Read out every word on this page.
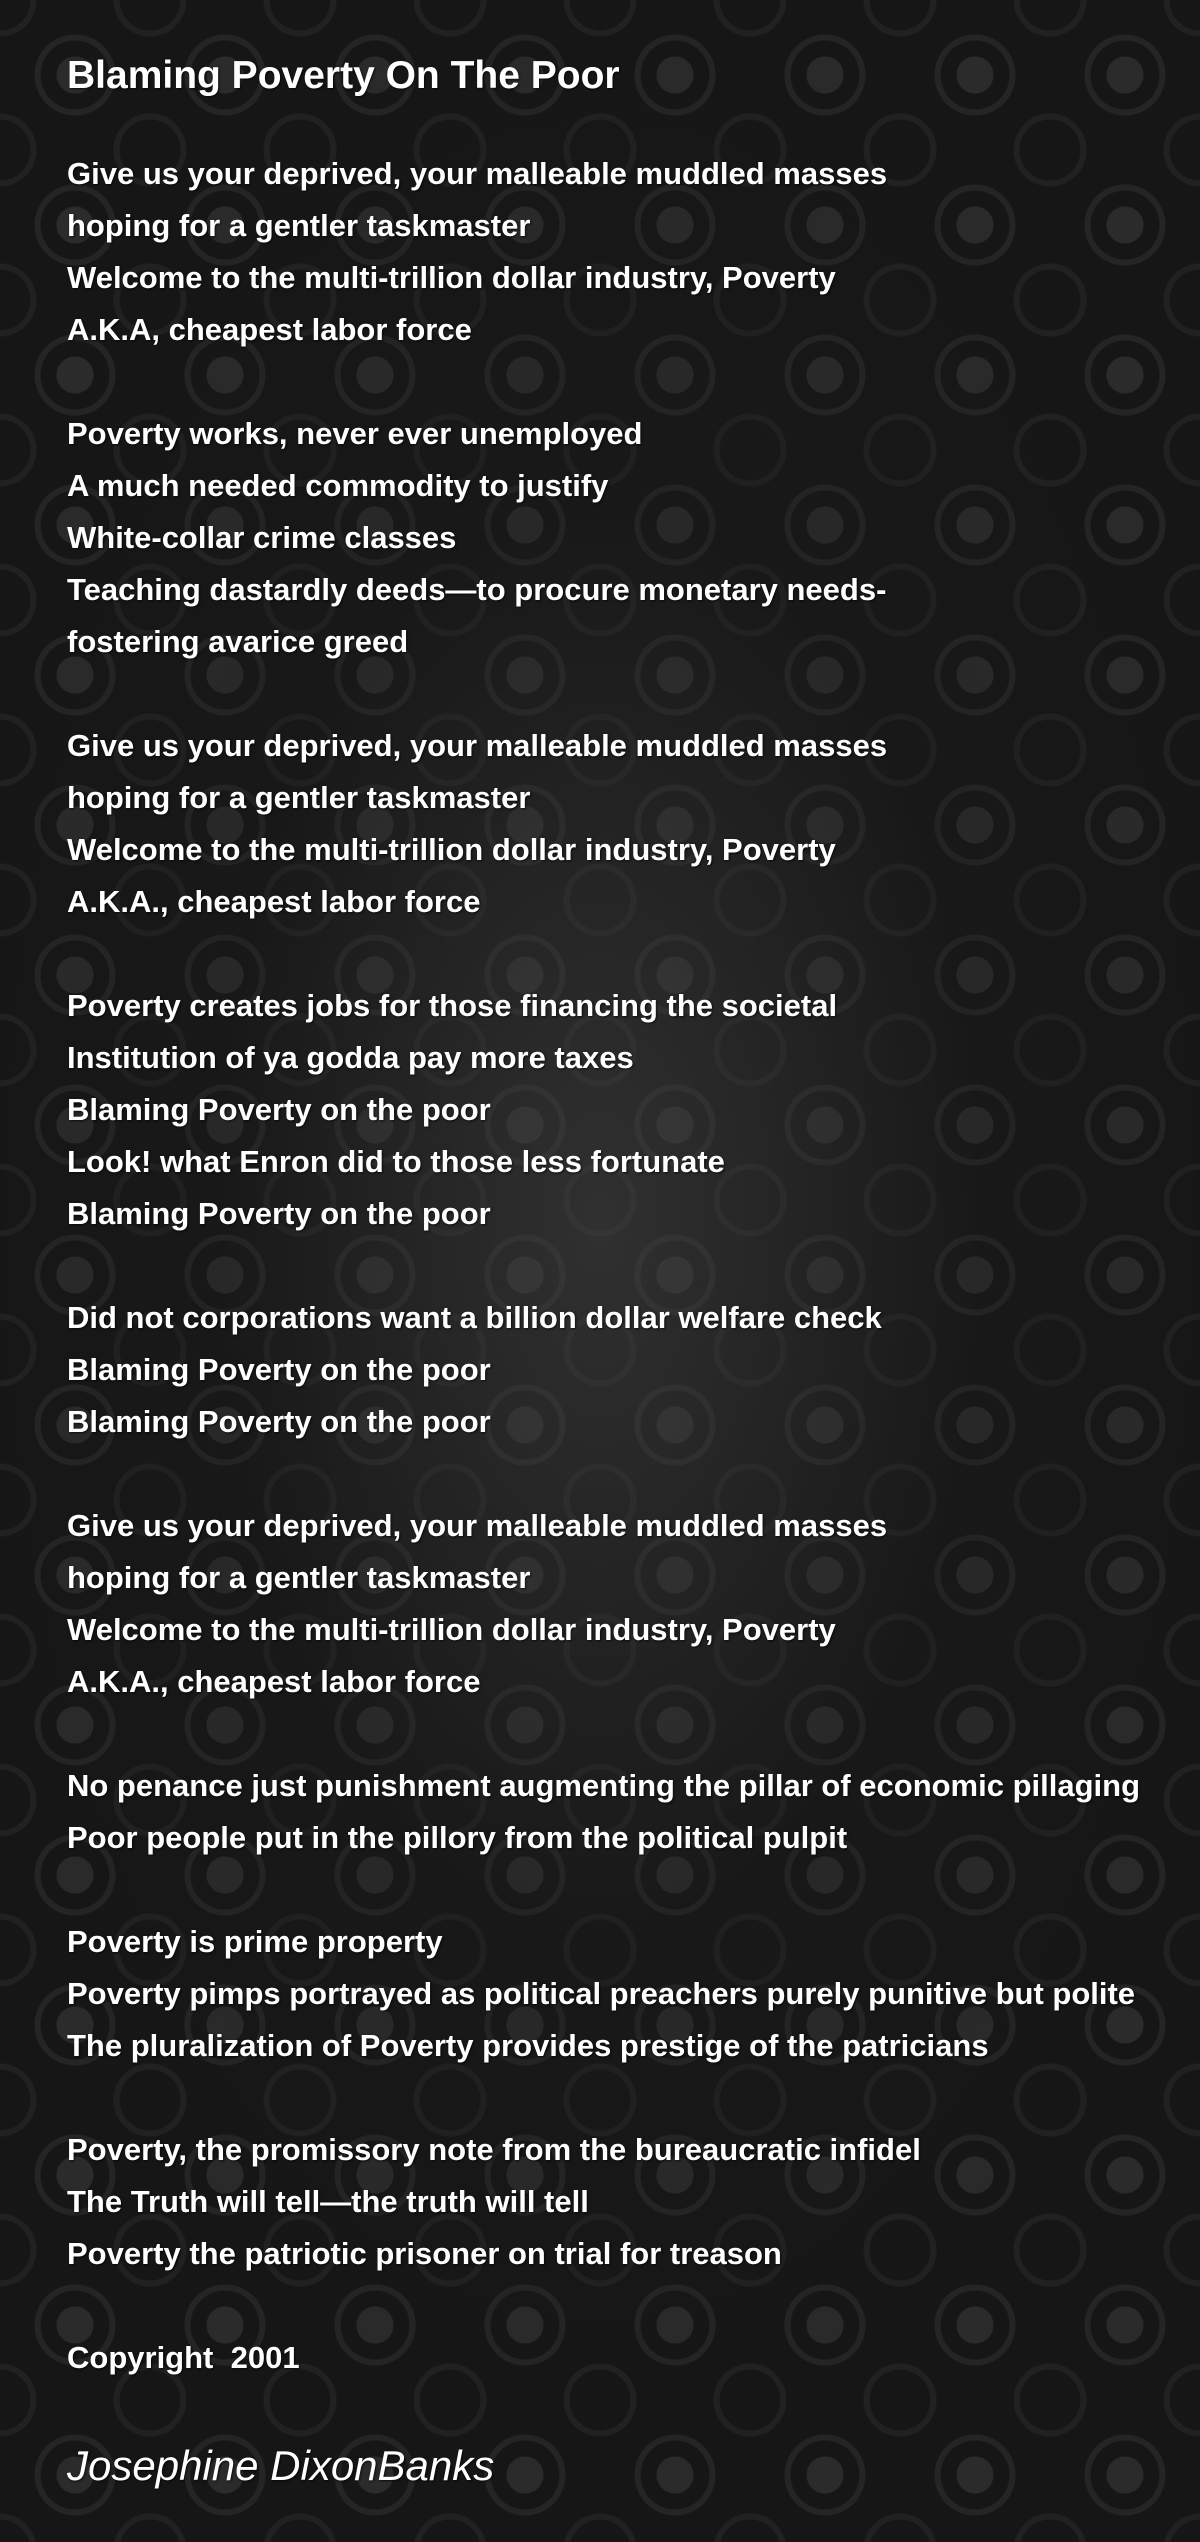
Blaming Poverty On The Poor
Give us your deprived, your malleable muddled masses
hoping for a gentler taskmaster
Welcome to the multi-trillion dollar industry, Poverty
A.K.A, cheapest labor force
Poverty works, never ever unemployed
A much needed commodity to justify
White-collar crime classes
Teaching dastardly deeds—to procure monetary needs-
fostering avarice greed
Give us your deprived, your malleable muddled masses
hoping for a gentler taskmaster
Welcome to the multi-trillion dollar industry, Poverty
A.K.A., cheapest labor force
Poverty creates jobs for those financing the societal
Institution of ya godda pay more taxes
Blaming Poverty on the poor
Look! what Enron did to those less fortunate
Blaming Poverty on the poor
Did not corporations want a billion dollar welfare check
Blaming Poverty on the poor
Blaming Poverty on the poor
Give us your deprived, your malleable muddled masses
hoping for a gentler taskmaster
Welcome to the multi-trillion dollar industry, Poverty
A.K.A., cheapest labor force
No penance just punishment augmenting the pillar of economic pillaging
Poor people put in the pillory from the political pulpit
Poverty is prime property
Poverty pimps portrayed as political preachers purely punitive but polite
The pluralization of Poverty provides prestige of the patricians
Poverty, the promissory note from the bureaucratic infidel
The Truth will tell—the truth will tell
Poverty the patriotic prisoner on trial for treason
Copyright  2001
Josephine DixonBanks
